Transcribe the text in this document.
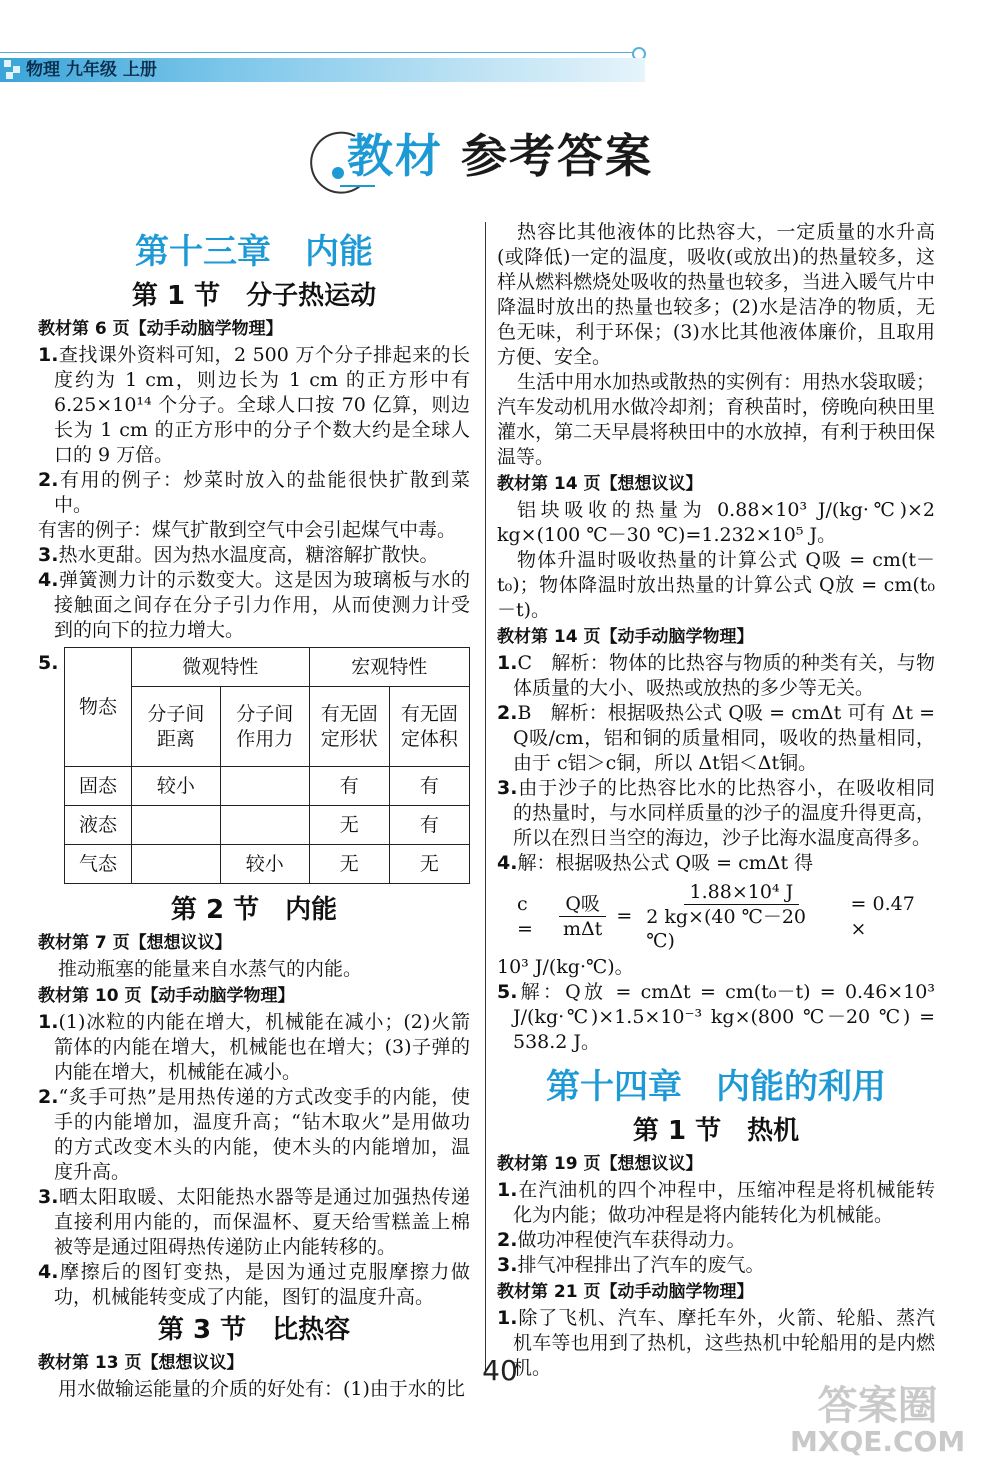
物理 九年级 上册
教材 参考答案
第十三章　内能
第 1 节　分子热运动
教材第 6 页【动手动脑学物理】

1.查找课外资料可知，2 500 万个分子排起来的长度约为 1 cm，则边长为 1 cm 的正方形中有6.25×10¹⁴ 个分子。全球人口按 70 亿算，则边长为 1 cm 的正方形中的分子个数大约是全球人口的 9 万倍。

2.有用的例子：炒菜时放入的盐能很快扩散到菜中。

有害的例子：煤气扩散到空气中会引起煤气中毒。

3.热水更甜。因为热水温度高，糖溶解扩散快。

4.弹簧测力计的示数变大。这是因为玻璃板与水的接触面之间存在分子引力作用，从而使测力计受到的向下的拉力增大。

5.
物态	微观特性		宏观特性	
	分子间距离	分子间作用力	有无固定形状	有无固定体积
固态	较小		有	有
液态			无	有
气态		较小	无	无
第 2 节　内能
教材第 7 页【想想议议】

推动瓶塞的能量来自水蒸气的内能。

教材第 10 页【动手动脑学物理】

1.(1)冰粒的内能在增大，机械能在减小；(2)火箭箭体的内能在增大，机械能也在增大；(3)子弹的内能在增大，机械能在减小。

2.“炙手可热”是用热传递的方式改变手的内能，使手的内能增加，温度升高；“钻木取火”是用做功的方式改变木头的内能，使木头的内能增加，温度升高。

3.晒太阳取暖、太阳能热水器等是通过加强热传递直接利用内能的，而保温杯、夏天给雪糕盖上棉被等是通过阻碍热传递防止内能转移的。

4.摩擦后的图钉变热，是因为通过克服摩擦力做功，机械能转变成了内能，图钉的温度升高。

第 3 节　比热容
教材第 13 页【想想议议】

用水做输运能量的介质的好处有：(1)由于水的比

热容比其他液体的比热容大，一定质量的水升高(或降低)一定的温度，吸收(或放出)的热量较多，这样从燃料燃烧处吸收的热量也较多，当进入暖气片中降温时放出的热量也较多；(2)水是洁净的物质，无色无味，利于环保；(3)水比其他液体廉价，且取用方便、安全。

生活中用水加热或散热的实例有：用热水袋取暖；汽车发动机用水做冷却剂；育秧苗时，傍晚向秧田里灌水，第二天早晨将秧田中的水放掉，有利于秧田保温等。

教材第 14 页【想想议议】

铝块吸收的热量为 0.88×10³ J/(kg·℃)×2 kg×(100 ℃－30 ℃)=1.232×10⁵ J。

物体升温时吸收热量的计算公式 Q吸 = cm(t－t₀)；物体降温时放出热量的计算公式 Q放 = cm(t₀－t)。

教材第 14 页【动手动脑学物理】

1.C　解析：物体的比热容与物质的种类有关，与物体质量的大小、吸热或放热的多少等无关。

2.B　解析：根据吸热公式 Q吸 = cmΔt 可有 Δt = Q吸/cm，铝和铜的质量相同，吸收的热量相同，由于 c铝＞c铜，所以 Δt铝＜Δt铜。

3.由于沙子的比热容比水的比热容小，在吸收相同的热量时，与水同样质量的沙子的温度升得更高，所以在烈日当空的海边，沙子比海水温度高得多。

4.解：根据吸热公式 Q吸 = cmΔt 得

c =	$\frac{\text{Q吸}}{\text{mΔt}} = \frac{\text{1.88×10⁴ J}}{2 kg\times(40 ℃-20 ℃)} = 0.47$ ×

10³ J/(kg·℃)。

5.解：Q放 = cmΔt = cm(t₀－t) = 0.46×10³ J/(kg·℃)×1.5×10⁻³ kg×(800 ℃－20 ℃) = 538.2 J。

第十四章　内能的利用
第 1 节　热机
教材第 19 页【想想议议】

1.在汽油机的四个冲程中，压缩冲程是将机械能转化为内能；做功冲程是将内能转化为机械能。

2.做功冲程使汽车获得动力。

3.排气冲程排出了汽车的废气。

教材第 21 页【动手动脑学物理】

1.除了飞机、汽车、摩托车外，火箭、轮船、蒸汽机车等也用到了热机，这些热机中轮船用的是内燃机。

40
答案圈
MXQE.COM
